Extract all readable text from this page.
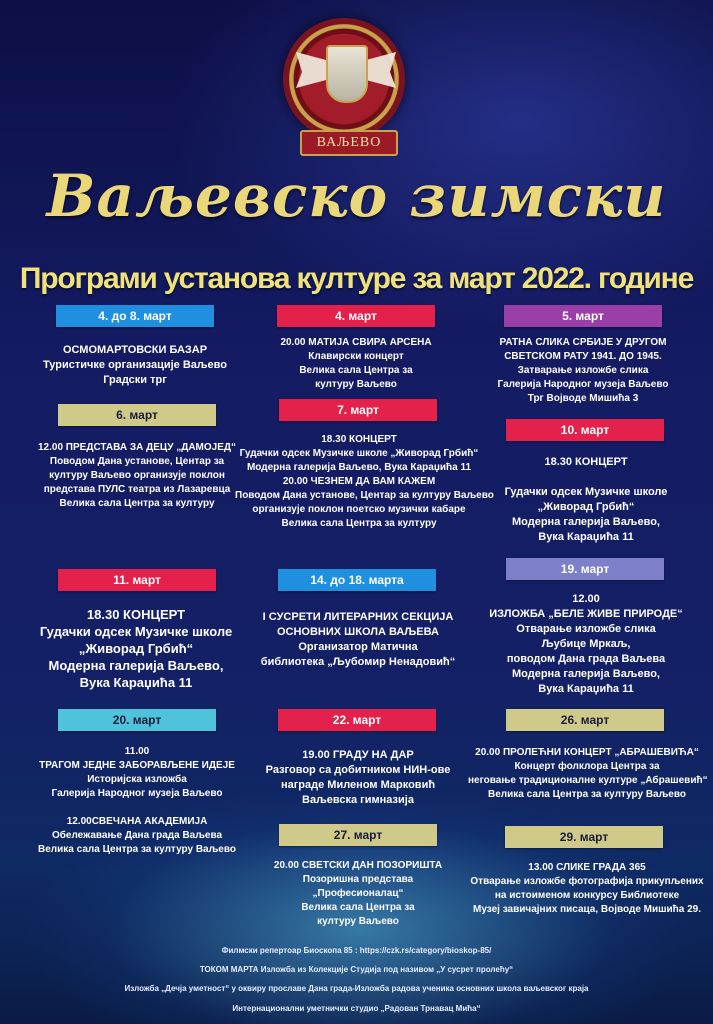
ВАЉЕВО
Ваљевско зимски
Програми установа културе за март 2022. године
4. до 8. март	4. март	5. март
ОСМОМАРТОВСКИ БАЗАР
Туристичке организације Ваљево
Градски трг
20.00 МАТИЈА СВИРА АРСЕНА
Клавирски концерт
Велика сала Центра за
културу Ваљево
РАТНА СЛИКА СРБИЈЕ У ДРУГОМ
СВЕТСКОМ РАТУ 1941. ДО 1945.
Затварање изложбе слика
Галерија Народног музеја Ваљево
Трг Војводе Мишића 3
6. март	7. март
10. март
12.00 ПРЕДСТАВА ЗА ДЕЦУ „ДАМОЈЕД“
Поводом Дана установе, Центар за
културу Ваљево организује поклон
представа ПУЛС театра из Лазаревца
Велика сала Центра за културу
18.30 КОНЦЕРТ
Гудачки одсек Музичке школе „Живорад Грбић“
Модерна галерија Ваљево, Вука Караџића 11
20.00 ЧЕЗНЕМ ДА ВАМ КАЖЕМ
Поводом Дана установе, Центар за културу Ваљево
организује поклон поетско музички кабаре
Велика сала Центра за културу
18.30 КОНЦЕРТ

Гудачки одсек Музичке школе
„Живорад Грбић“
Модерна галерија Ваљево,
Вука Караџића 11
11. март	14. до 18. марта
19. март
18.30 КОНЦЕРТ
Гудачки одсек Музичке школе
„Живорад Грбић“
Модерна галерија Ваљево,
Вука Караџића 11
I СУСРЕТИ ЛИТЕРАРНИХ СЕКЦИЈА
ОСНОВНИХ ШКОЛА ВАЉЕВА
Организатор Матична
библиотека „Љубомир Ненадовић“
12.00
ИЗЛОЖБА „БЕЛЕ ЖИВЕ ПРИРОДЕ“
Отварање изложбе слика
Љубице Мркаљ,
поводом Дана града Ваљева
Модерна галерија Ваљево,
Вука Караџића 11
20. март	22. март	26. март
11.00
ТРАГОМ ЈЕДНЕ ЗАБОРАВЉЕНЕ ИДЕЈЕ
Историјска изложба
Галерија Народног музеја Ваљево

12.00СВЕЧАНА АКАДЕМИЈА
Обележавање Дана града Ваљева
Велика сала Центра за културу Ваљево
19.00 ГРАДУ НА ДАР
Разговор са добитником НИН-ове
награде Миленом Марковић
Ваљевска гимназија
20.00 ПРОЛЕЋНИ КОНЦЕРТ „АБРАШЕВИЋА“
Концерт фолклора Центра за
неговање традиционалне културе „Абрашевић“
Велика сала Центра за културу Ваљево
27. март	29. март
20.00 СВЕТСКИ ДАН ПОЗОРИШТА
Позоришна представа
„Професионалац“
Велика сала Центра за
културу Ваљево
13.00 СЛИКЕ ГРАДА 365
Отварање изложбе фотографија прикупљених
на истоименом конкурсу Библиотеке
Музеј завичајних писаца, Војводе Мишића 29.
Филмски репертоар Биоскопа 85 : https://czk.rs/category/bioskop-85/
ТОКОМ МАРТА Изложба из Колекције Студија под називом „У сусрет пролећу“
Изложба „Дечја уметност“ у оквиру прославе Дана града-Изложба радова ученика основних школа ваљевског краја
Интернационални уметнички студио „Радован Трнавац Мића“
